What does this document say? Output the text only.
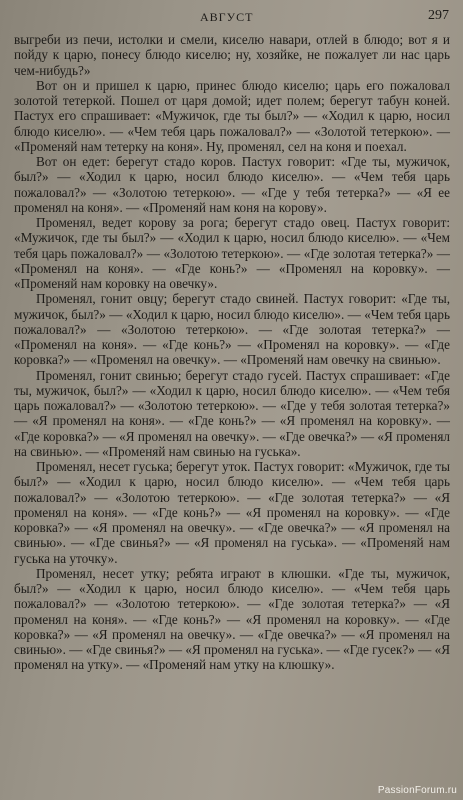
АВГУСТ	297

выгреби из печи, истолки и смели, киселю навари, отлей в блюдо; вот я и пойду к царю, понесу блюдо киселю; ну, хозяйке, не пожалует ли нас царь чем-нибудь?»

Вот он и пришел к царю, принес блюдо киселю; царь его пожаловал золотой тетеркой. Пошел от царя домой; идет полем; берегут табун коней. Пастух его спрашивает: «Мужичок, где ты был?» — «Ходил к царю, носил блюдо киселю». — «Чем тебя царь пожаловал?» — «Золотой тетеркою». — «Променяй нам тетерку на коня». Ну, променял, сел на коня и поехал.

Вот он едет: берегут стадо коров. Пастух говорит: «Где ты, мужичок, был?» — «Ходил к царю, носил блюдо киселю». — «Чем тебя царь пожаловал?» — «Золотою тетеркою». — «Где у тебя тетерка?» — «Я ее променял на коня». — «Променяй нам коня на корову».

Променял, ведет корову за рога; берегут стадо овец. Пастух говорит: «Мужичок, где ты был?» — «Ходил к царю, носил блюдо киселю». — «Чем тебя царь пожаловал?» — «Золотою тетеркою». — «Где золотая тетерка?» — «Променял на коня». — «Где конь?» — «Променял на коровку». — «Променяй нам коровку на овечку».

Променял, гонит овцу; берегут стадо свиней. Пастух говорит: «Где ты, мужичок, был?» — «Ходил к царю, носил блюдо киселю». — «Чем тебя царь пожаловал?» — «Золотою тетеркою». — «Где золотая тетерка?» — «Променял на коня». — «Где конь?» — «Променял на коровку». — «Где коровка?» — «Променял на овечку». — «Променяй нам овечку на свинью».

Променял, гонит свинью; берегут стадо гусей. Пастух спрашивает: «Где ты, мужичок, был?» — «Ходил к царю, носил блюдо киселю». — «Чем тебя царь пожаловал?» — «Золотою тетеркою». — «Где у тебя золотая тетерка?» — «Я променял на коня». — «Где конь?» — «Я променял на коровку». — «Где коровка?» — «Я променял на овечку». — «Где овечка?» — «Я променял на свинью». — «Променяй нам свинью на гуська».

Променял, несет гуська; берегут уток. Пастух говорит: «Мужичок, где ты был?» — «Ходил к царю, носил блюдо киселю». — «Чем тебя царь пожаловал?» — «Золотою тетеркою». — «Где золотая тетерка?» — «Я променял на коня». — «Где конь?» — «Я променял на коровку». — «Где коровка?» — «Я променял на овечку». — «Где овечка?» — «Я променял на свинью». — «Где свинья?» — «Я променял на гуська». — «Променяй нам гуська на уточку».

Променял, несет утку; ребята играют в клюшки. «Где ты, мужичок, был?» — «Ходил к царю, носил блюдо киселю». — «Чем тебя царь пожаловал?» — «Золотою тетеркою». — «Где золотая тетерка?» — «Я променял на коня». — «Где конь?» — «Я променял на коровку». — «Где коровка?» — «Я променял на овечку». — «Где овечка?» — «Я променял на свинью». — «Где свинья?» — «Я променял на гуська». — «Где гусек?» — «Я променял на утку». — «Променяй нам утку на клюшку».

PassionForum.ru
